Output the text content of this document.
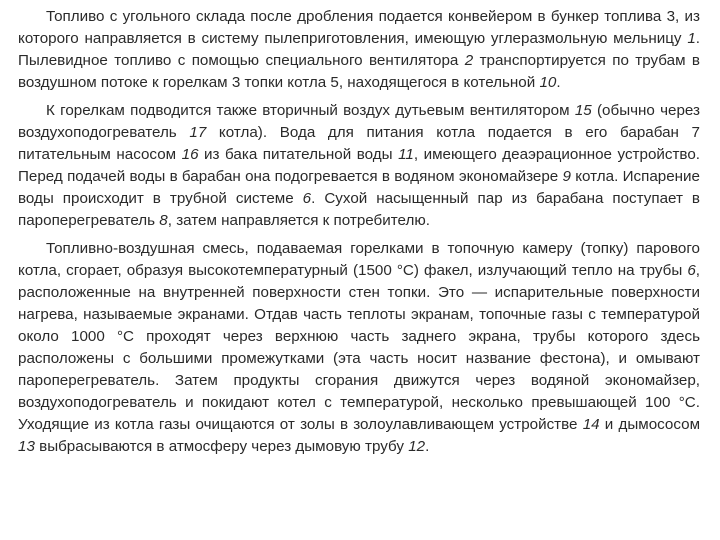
Топливо с угольного склада после дробления подается конвейером в бункер топлива 3, из которого направляется в систему пылеприготовления, имеющую углеразмольную мельницу 1. Пылевидное топливо с помощью специального вентилятора 2 транспортируется по трубам в воздушном потоке к горелкам 3 топки котла 5, находящегося в котельной 10.

К горелкам подводится также вторичный воздух дутьевым вентилятором 15 (обычно через воздухоподогреватель 17 котла). Вода для питания котла подается в его барабан 7 питательным насосом 16 из бака питательной воды 11, имеющего деаэрационное устройство. Перед подачей воды в барабан она подогревается в водяном экономайзере 9 котла. Испарение воды происходит в трубной системе 6. Сухой насыщенный пар из барабана поступает в пароперегреватель 8, затем направляется к потребителю.

Топливно-воздушная смесь, подаваемая горелками в топочную камеру (топку) парового котла, сгорает, образуя высокотемпературный (1500 °С) факел, излучающий тепло на трубы 6, расположенные на внутренней поверхности стен топки. Это — испарительные поверхности нагрева, называемые экранами. Отдав часть теплоты экранам, топочные газы с температурой около 1000 °С проходят через верхнюю часть заднего экрана, трубы которого здесь расположены с большими промежутками (эта часть носит название фестона), и омывают пароперегреватель. Затем продукты сгорания движутся через водяной экономайзер, воздухоподогреватель и покидают котел с температурой, несколько превышающей 100 °С. Уходящие из котла газы очищаются от золы в золоулавливающем устройстве 14 и дымососом 13 выбрасываются в атмосферу через дымовую трубу 12.
